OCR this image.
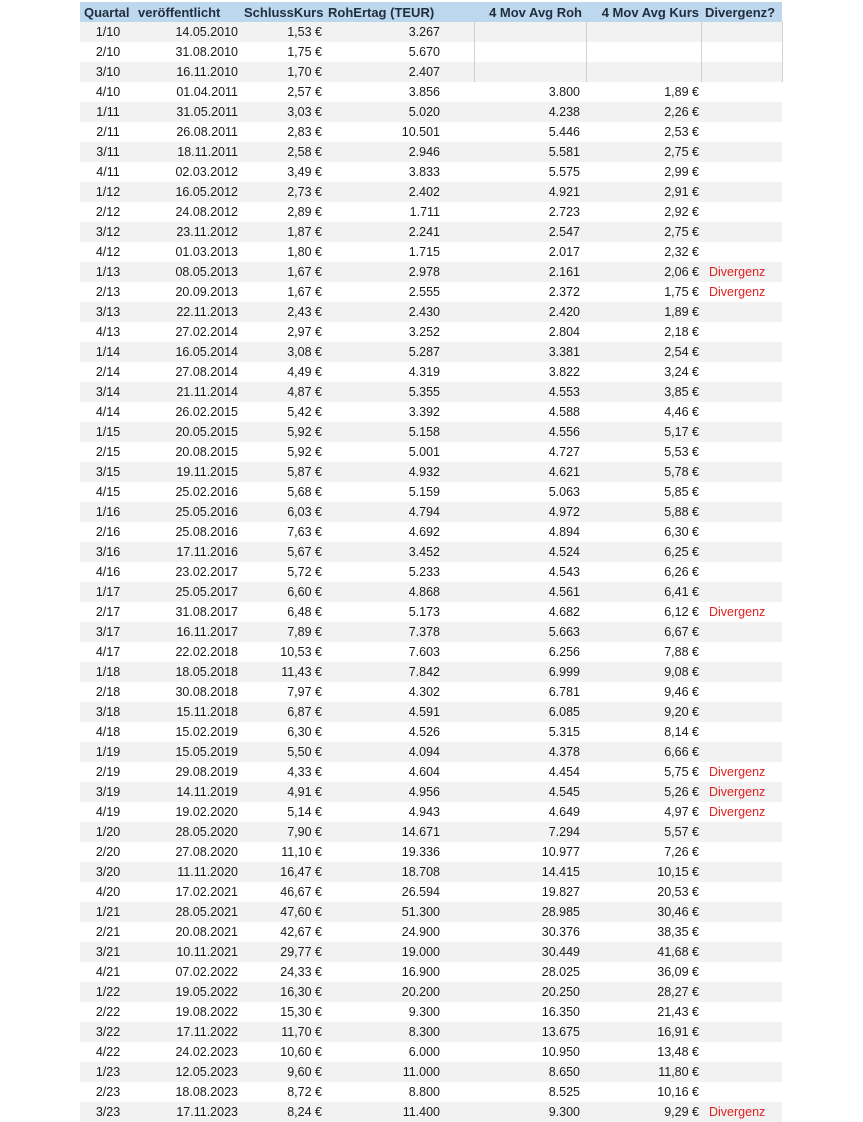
Quartal	veröffentlicht	SchlussKurs	RohErtag (TEUR)		4 Mov Avg Roh	4 Mov Avg Kurs	Divergenz?
1/10	14.05.2010	1,53 €	3.267				
2/10	31.08.2010	1,75 €	5.670				
3/10	16.11.2010	1,70 €	2.407				
4/10	01.04.2011	2,57 €	3.856		3.800	1,89 €	
1/11	31.05.2011	3,03 €	5.020		4.238	2,26 €	
2/11	26.08.2011	2,83 €	10.501		5.446	2,53 €	
3/11	18.11.2011	2,58 €	2.946		5.581	2,75 €	
4/11	02.03.2012	3,49 €	3.833		5.575	2,99 €	
1/12	16.05.2012	2,73 €	2.402		4.921	2,91 €	
2/12	24.08.2012	2,89 €	1.711		2.723	2,92 €	
3/12	23.11.2012	1,87 €	2.241		2.547	2,75 €	
4/12	01.03.2013	1,80 €	1.715		2.017	2,32 €	
1/13	08.05.2013	1,67 €	2.978		2.161	2,06 €	Divergenz
2/13	20.09.2013	1,67 €	2.555		2.372	1,75 €	Divergenz
3/13	22.11.2013	2,43 €	2.430		2.420	1,89 €	
4/13	27.02.2014	2,97 €	3.252		2.804	2,18 €	
1/14	16.05.2014	3,08 €	5.287		3.381	2,54 €	
2/14	27.08.2014	4,49 €	4.319		3.822	3,24 €	
3/14	21.11.2014	4,87 €	5.355		4.553	3,85 €	
4/14	26.02.2015	5,42 €	3.392		4.588	4,46 €	
1/15	20.05.2015	5,92 €	5.158		4.556	5,17 €	
2/15	20.08.2015	5,92 €	5.001		4.727	5,53 €	
3/15	19.11.2015	5,87 €	4.932		4.621	5,78 €	
4/15	25.02.2016	5,68 €	5.159		5.063	5,85 €	
1/16	25.05.2016	6,03 €	4.794		4.972	5,88 €	
2/16	25.08.2016	7,63 €	4.692		4.894	6,30 €	
3/16	17.11.2016	5,67 €	3.452		4.524	6,25 €	
4/16	23.02.2017	5,72 €	5.233		4.543	6,26 €	
1/17	25.05.2017	6,60 €	4.868		4.561	6,41 €	
2/17	31.08.2017	6,48 €	5.173		4.682	6,12 €	Divergenz
3/17	16.11.2017	7,89 €	7.378		5.663	6,67 €	
4/17	22.02.2018	10,53 €	7.603		6.256	7,88 €	
1/18	18.05.2018	11,43 €	7.842		6.999	9,08 €	
2/18	30.08.2018	7,97 €	4.302		6.781	9,46 €	
3/18	15.11.2018	6,87 €	4.591		6.085	9,20 €	
4/18	15.02.2019	6,30 €	4.526		5.315	8,14 €	
1/19	15.05.2019	5,50 €	4.094		4.378	6,66 €	
2/19	29.08.2019	4,33 €	4.604		4.454	5,75 €	Divergenz
3/19	14.11.2019	4,91 €	4.956		4.545	5,26 €	Divergenz
4/19	19.02.2020	5,14 €	4.943		4.649	4,97 €	Divergenz
1/20	28.05.2020	7,90 €	14.671		7.294	5,57 €	
2/20	27.08.2020	11,10 €	19.336		10.977	7,26 €	
3/20	11.11.2020	16,47 €	18.708		14.415	10,15 €	
4/20	17.02.2021	46,67 €	26.594		19.827	20,53 €	
1/21	28.05.2021	47,60 €	51.300		28.985	30,46 €	
2/21	20.08.2021	42,67 €	24.900		30.376	38,35 €	
3/21	10.11.2021	29,77 €	19.000		30.449	41,68 €	
4/21	07.02.2022	24,33 €	16.900		28.025	36,09 €	
1/22	19.05.2022	16,30 €	20.200		20.250	28,27 €	
2/22	19.08.2022	15,30 €	9.300		16.350	21,43 €	
3/22	17.11.2022	11,70 €	8.300		13.675	16,91 €	
4/22	24.02.2023	10,60 €	6.000		10.950	13,48 €	
1/23	12.05.2023	9,60 €	11.000		8.650	11,80 €	
2/23	18.08.2023	8,72 €	8.800		8.525	10,16 €	
3/23	17.11.2023	8,24 €	11.400		9.300	9,29 €	Divergenz
